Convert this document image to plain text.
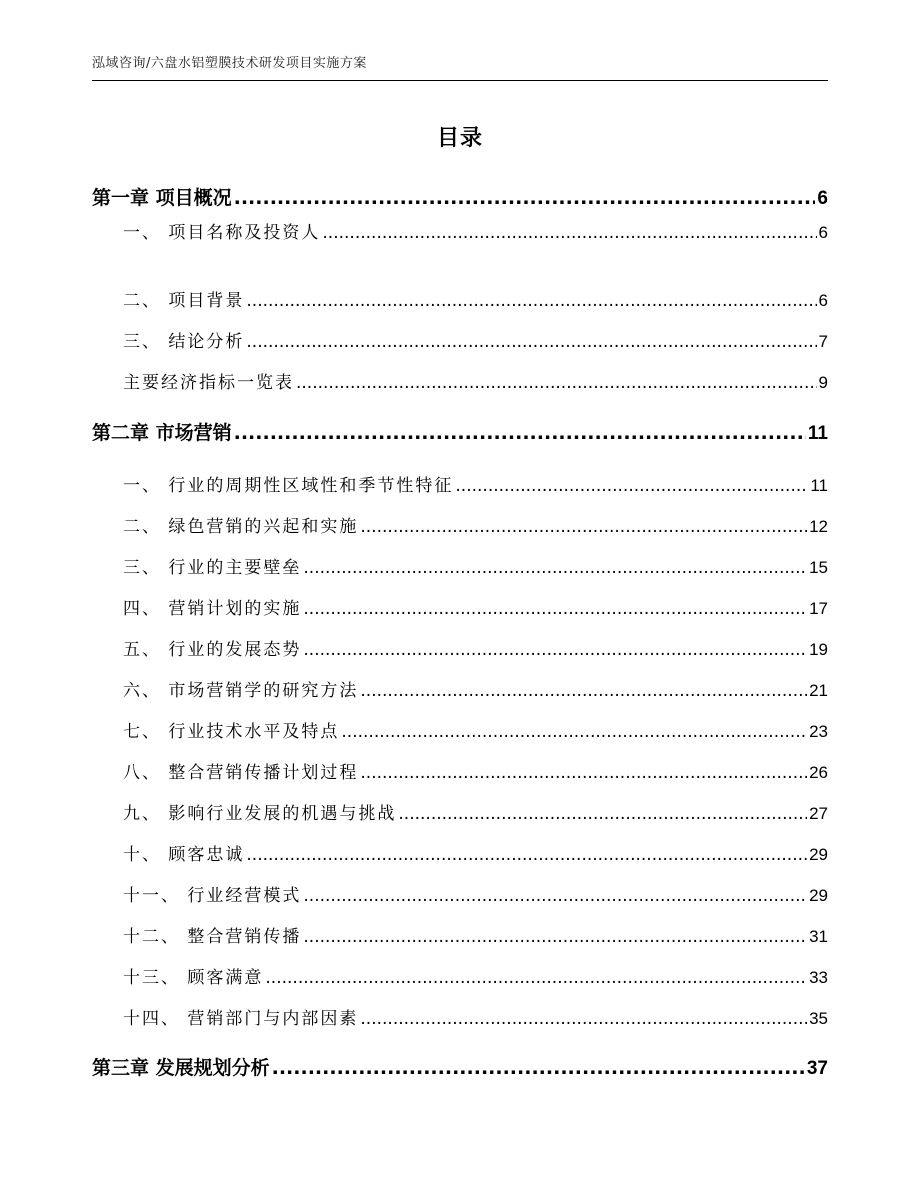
泓域咨询/六盘水铝塑膜技术研发项目实施方案
目录
第一章 项目概况 .....	6
一、 项目名称及投资人 .....	6
二、 项目背景 .....	6
三、 结论分析 .....	7
主要经济指标一览表 .....	9
第二章 市场营销 .....	11
一、 行业的周期性区域性和季节性特征 .....	11
二、 绿色营销的兴起和实施 .....	12
三、 行业的主要壁垒 .....	15
四、 营销计划的实施 .....	17
五、 行业的发展态势 .....	19
六、 市场营销学的研究方法 .....	21
七、 行业技术水平及特点 .....	23
八、 整合营销传播计划过程 .....	26
九、 影响行业发展的机遇与挑战 .....	27
十、 顾客忠诚 .....	29
十一、 行业经营模式 .....	29
十二、 整合营销传播 .....	31
十三、 顾客满意 .....	33
十四、 营销部门与内部因素 .....	35
第三章 发展规划分析 .....	37
